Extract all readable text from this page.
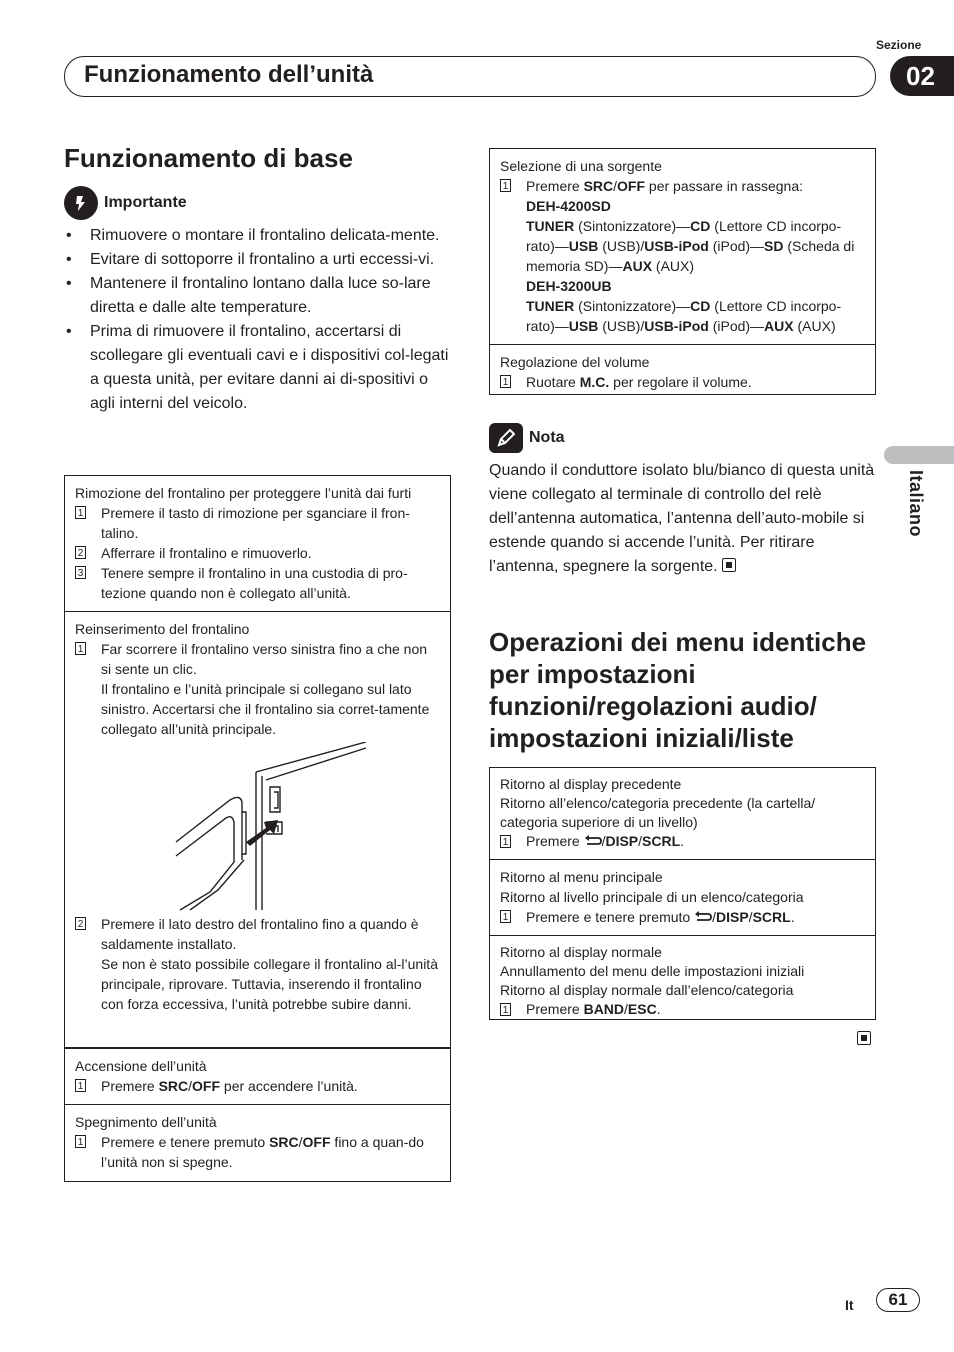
Sezione
02
Funzionamento dell’unità
Italiano
Funzionamento di base
Importante
• Rimuovere o montare il frontalino delicata-mente.
• Evitare di sottoporre il frontalino a urti eccessi-vi.
• Mantenere il frontalino lontano dalla luce so-lare diretta e dalle alte temperature.
• Prima di rimuovere il frontalino, accertarsi di scollegare gli eventuali cavi e i dispositivi col-legati a questa unità, per evitare danni ai di-spositivi o agli interni del veicolo.
Rimozione del frontalino per proteggere l’unità dai furti
1 Premere il tasto di rimozione per sganciare il fron-talino.
2 Afferrare il frontalino e rimuoverlo.
3 Tenere sempre il frontalino in una custodia di pro-tezione quando non è collegato all’unità.
Reinserimento del frontalino
1 Far scorrere il frontalino verso sinistra fino a che non si sente un clic.
Il frontalino e l’unità principale si collegano sul lato sinistro. Accertarsi che il frontalino sia corret-tamente collegato all’unità principale.
2 Premere il lato destro del frontalino fino a quando è saldamente installato.
Se non è stato possibile collegare il frontalino al-l’unità principale, riprovare. Tuttavia, inserendo il frontalino con forza eccessiva, l’unità potrebbe subire danni.
Accensione dell’unità
1 Premere SRC/OFF per accendere l’unità.
Spegnimento dell’unità
1 Premere e tenere premuto SRC/OFF fino a quan-do l’unità non si spegne.
Selezione di una sorgente
1 Premere SRC/OFF per passare in rassegna:
DEH-4200SD
TUNER (Sintonizzatore)—CD (Lettore CD incorpo-rato)—USB (USB)/USB-iPod (iPod)—SD (Scheda di memoria SD)—AUX (AUX)
DEH-3200UB
TUNER (Sintonizzatore)—CD (Lettore CD incorpo-rato)—USB (USB)/USB-iPod (iPod)—AUX (AUX)
Regolazione del volume
1 Ruotare M.C. per regolare il volume.
Nota
Quando il conduttore isolato blu/bianco di questa unità viene collegato al terminale di controllo del relè dell’antenna automatica, l’antenna dell’auto-mobile si estende quando si accende l’unità. Per ritirare l’antenna, spegnere la sorgente.
Operazioni dei menu identiche per impostazioni funzioni/regolazioni audio/ impostazioni iniziali/liste
Ritorno al display precedente
Ritorno all’elenco/categoria precedente (la cartella/ categoria superiore di un livello)
1 Premere /DISP/SCRL.
Ritorno al menu principale
Ritorno al livello principale di un elenco/categoria
1 Premere e tenere premuto /DISP/SCRL.
Ritorno al display normale
Annullamento del menu delle impostazioni iniziali
Ritorno al display normale dall’elenco/categoria
1 Premere BAND/ESC.
It	61
